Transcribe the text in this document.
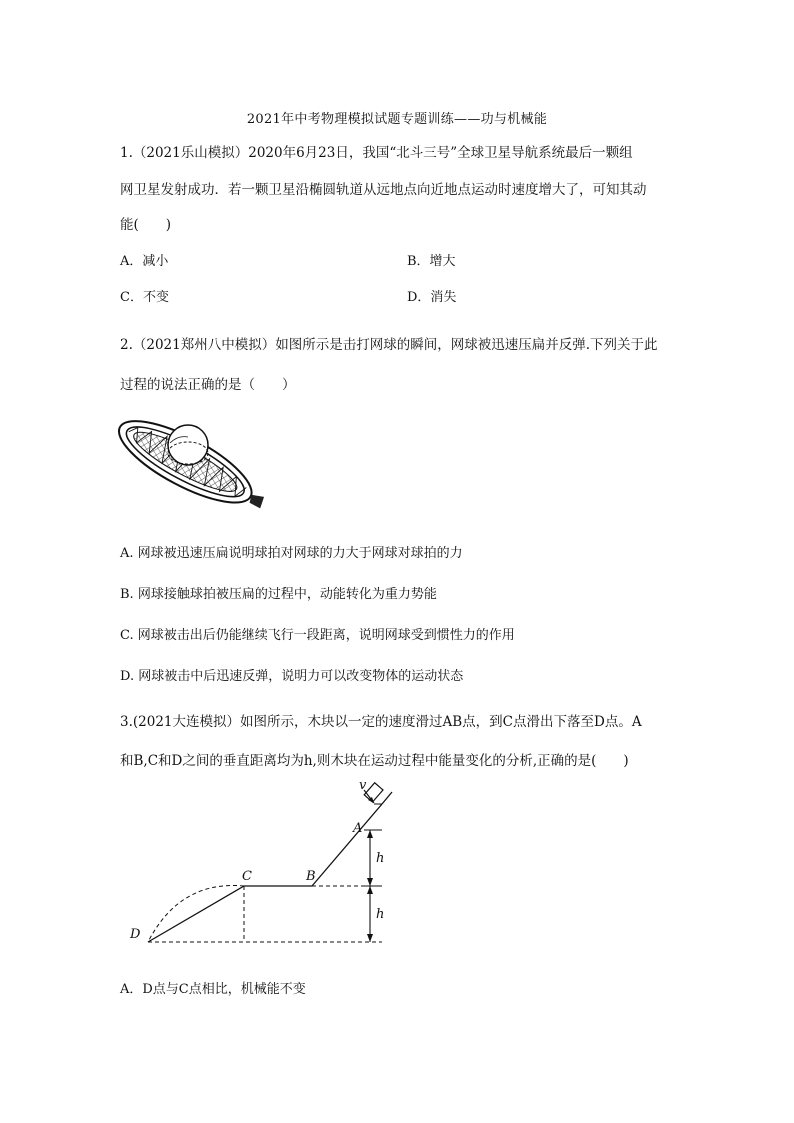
2021年中考物理模拟试题专题训练——功与机械能
1.（2021乐山模拟）2020年6月23日，我国“北斗三号”全球卫星导航系统最后一颗组
网卫星发射成功．若一颗卫星沿椭圆轨道从远地点向近地点运动时速度增大了，可知其动
能(　　)
A．减小	B．增大
C．不变	D．消失
2.（2021郑州八中模拟）如图所示是击打网球的瞬间，网球被迅速压扁并反弹.下列关于此
过程的说法正确的是（　　）
A. 网球被迅速压扁说明球拍对网球的力大于网球对球拍的力
B. 网球接触球拍被压扁的过程中，动能转化为重力势能
C. 网球被击出后仍能继续飞行一段距离，说明网球受到惯性力的作用
D. 网球被击中后迅速反弹，说明力可以改变物体的运动状态
3.(2021大连模拟）如图所示，木块以一定的速度滑过AB点，到C点滑出下落至D点。A
和B,C和D之间的垂直距离均为h,则木块在运动过程中能量变化的分析,正确的是(　　)
v
A
B
C
D
h
h
A．D点与C点相比，机械能不变
